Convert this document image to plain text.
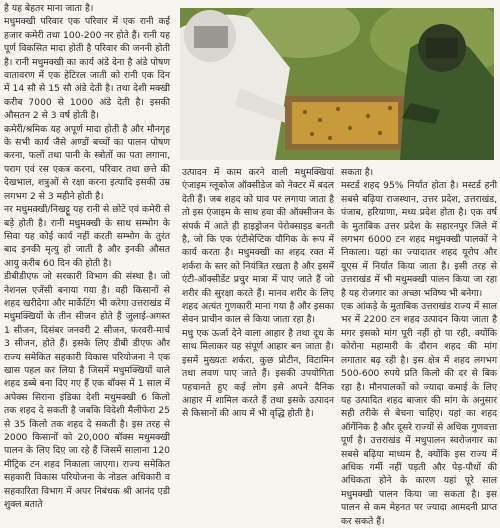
है यह बेहतर माना जाता है।

मधुमक्खी परिवार एक परिवार में एक रानी कई हजार कमेरी तथा 100-200 नर होते हैं। रानी यह पूर्ण विकसित मादा होती है परिवार की जननी होती है। रानी मधुमक्खी का कार्य अंडे देना है अंडे पोषण वातावरण में एक हेटिरल जाती को रानी एक दिन में 14 सौ से 15 सौ अंडे देती है। तथा देशी मक्खी करीब 7000 से 1000 अंडे देती है। इसकी औसतन 2 से 3 वर्ष होती है।

कमेरी/श्रमिक यह अपूर्ण मादा होती है और मौनगृह के सभी कार्य जैसे अण्डों बच्चों का पालन पोषण करना, फलों तथा पानी के स्त्रोतों का पता लगाना, पराग एवं रस एकत्र करना, परिवार तथा छत्ते की देखभाल, शत्रुओं से रक्षा करना इत्यादि इसकी उम्र लगभग 2 से 3 महीने होती है।

नर मधुमक्खी/निखट्टू यह रानी से छोटे एवं कमेरी से बड़े होती है। रानी मधुमक्खी के साथ सम्भोग के सिवा यह कोई कार्य नहीं करती सम्भोग के तुरंत बाद इनकी मृत्यु हो जाती है और इनकी औसत आयु करीब 60 दिन की होती है।

डीबीडीएफ जो सरकारी विभाग की संस्था है। जो नेशनल एजेंसी बनाया गया है। वही किसानों से शहद खरीदेगा और मार्केटिंग भी करेगा उत्तराखंड में मधुमक्खियों के तीन सीजन होते हैं जुलाई-अगस्त 1 सीजन, दिसंबर जनवरी 2 सीजन, फरवरी-मार्च 3 सीजन, होते हैं। इसके लिए डीबी डीएफ और राज्य समेकित सहकारी विकास परियोजना ने एक खास पहल कर लिया है जिसमें मधुमक्खियों वाले शहद डब्बे बना दिए गए हैं एक बॉक्स में 1 साल में अपेक्स सिराना इंडिका देशी मधुमक्खी 6 किलो तक शहद दे सकती है जबकि विदेशी मैलीफेरा 25 से 35 किलो तक शहद दे सकती है। इस तरह से 2000 किसानों को 20,000 बॉक्स मधुमक्खी पालन के लिए दिए जा रहे हैं जिसमें सालाना 120 मीट्रिक टन शहद निकाला जाएगा। राज्य समेकित सहकारी विकास परियोजना के नोडल अधिकारी व सहकारिता विभाग में अपर निबंधक श्री आनंद एडी शुक्ल बताते

उत्पादन में काम करने वाली मधुमक्खियां एंजाइम ग्लूकोज ऑक्सीडेज को नेक्टर में बदल देती हैं। जब शहद को घाव पर लगाया जाता है तो इस एंजाइम के साथ हवा की ऑक्सीजन के संपर्क में आते ही हाइड्रोजन पेरोक्साइड बनती है, जो कि एक एंटीसेप्टिक यौगिक के रूप में कार्य करता है। मधुमक्खी का शहद रक्त में शर्करा के स्तर को नियंत्रित रखता है और इसमें एंटी-ऑक्सीडेंट प्रचुर मात्रा में पाए जाते हैं जो शरीर की सुरक्षा करते हैं। मानव शरीर के लिए शहद अत्यंत गुणकारी माना गया है और इसका सेवन प्राचीन काल से किया जाता रहा है।

मधु एक ऊर्जा देने वाला आहार है तथा दूध के साथ मिलाकर यह संपूर्ण आहार बन जाता है। इसमें मुख्यतः शर्करा, कुछ प्रोटीन, विटामिन तथा लवण पाए जाते हैं। इसकी उपयोगिता पहचानते हुए कई लोग इसे अपने दैनिक आहार में शामिल करते हैं तथा इसके उत्पादन से किसानों की आय में भी वृद्धि होती है।

सकता है।

मस्टर्ड शहद 95% निर्यात होता है। मस्टर्ड हनी सबसे बढ़िया राजस्थान, उत्तर प्रदेश, उत्तराखंड, पंजाब, हरियाणा, मध्य प्रदेश होता है। एक वर्ष के मुताबिक उत्तर प्रदेश के सहारनपुर जिले में लगभग 6000 टन शहद मधुमक्खी पालकों ने निकाला। यहां का ज्यादातर शहद यूरोप और यूएस में निर्यात किया जाता है। इसी तरह से उत्तराखंड में भी मधुमक्खी पालन किया जा रहा है यह रोजगार का अच्छा भविष्य भी बनेगा।

एक आंकड़े के मुताबिक उत्तराखंड राज्य में साल भर में 2200 टन शहद उत्पादन किया जाता है मगर इसको मांग पूरी नहीं हो पा रही, क्योंकि कोरोना महामारी के दौरान शहद की मांग लगातार बढ़ रही है। इस क्षेत्र में शहद लगभग 500-600 रुपये प्रति किलो की दर से बिक रहा है। मौनपालकों को ज्यादा कमाई के लिए यह उत्पादित शहद बाजार की मांग के अनुसार सही तरीके से बेचना चाहिए। यहां का शहद ऑर्गेनिक है और दूसरे राज्यों से अधिक गुणवत्ता पूर्ण है। उत्तराखंड में मधुपालन स्वरोजगार का सबसे बढ़िया माध्यम है, क्योंकि इस राज्य में अधिक गर्मी नहीं पड़ती और पेड़-पौधों की अधिकता होने के कारण यहां पूरे साल मधुमक्खी पालन किया जा सकता है। इस पालन से कम मेहनत पर ज्यादा आमदनी प्राप्त कर सकते हैं।
